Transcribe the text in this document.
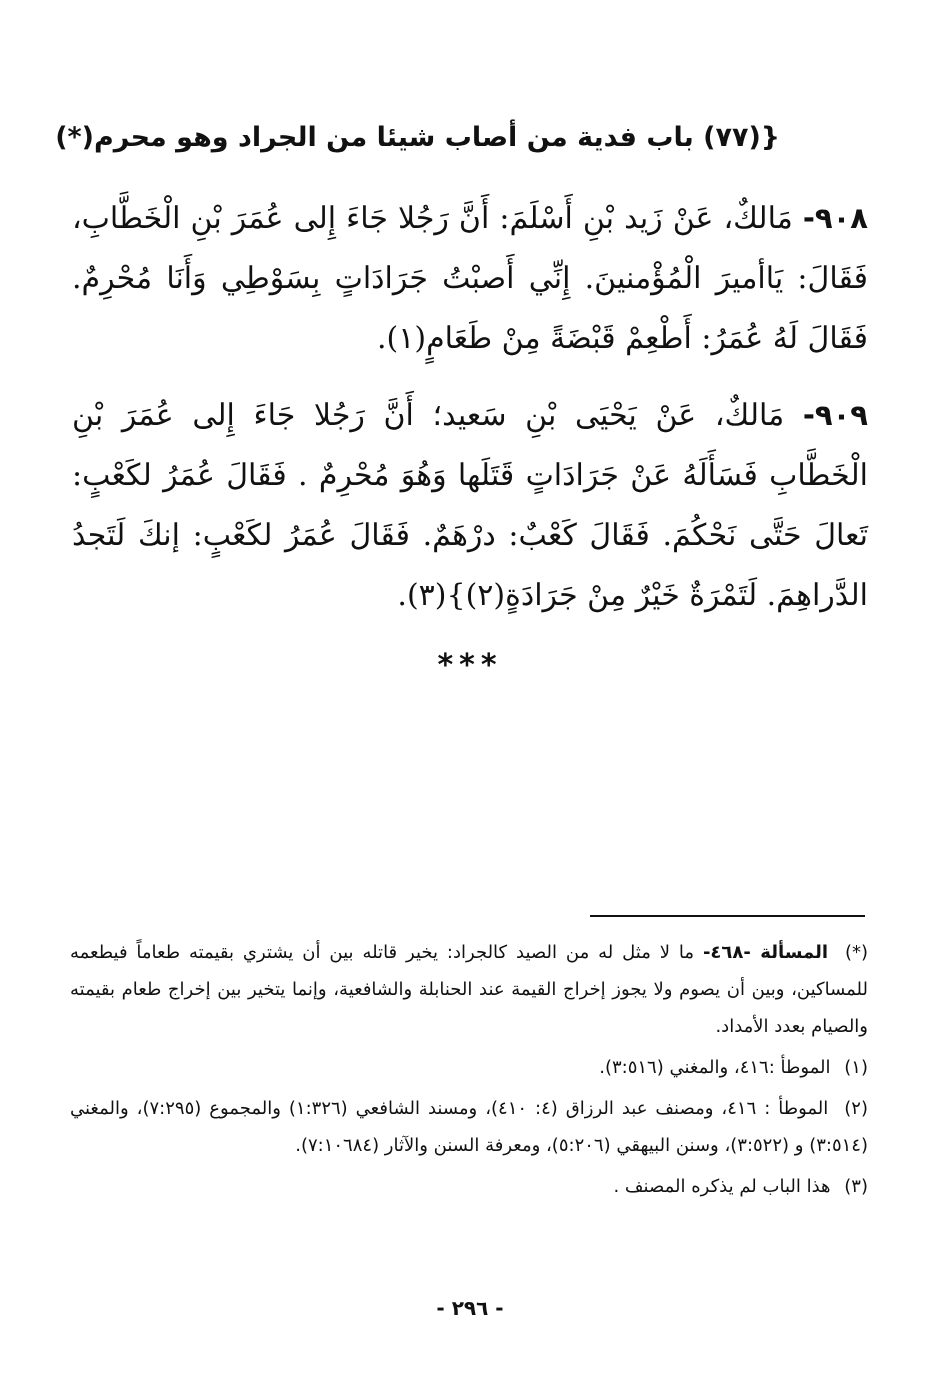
{(٧٧) باب فدية من أصاب شيئا من الجراد وهو محرم(*)

٩٠٨- مَالكٌ، عَنْ زَيد بْنِ أَسْلَمَ: أَنَّ رَجُلا جَاءَ إِلى عُمَرَ بْنِ الْخَطَّابِ، فَقَالَ: يَاأميرَ الْمُؤْمنينَ. إِنِّي أَصبْتُ جَرَادَاتٍ بِسَوْطِي وَأَنَا مُحْرِمٌ. فَقَالَ لَهُ عُمَرُ: أَطْعِمْ قَبْضَةً مِنْ طَعَامٍ(١).

٩٠٩- مَالكٌ، عَنْ يَحْيَى بْنِ سَعيد؛ أَنَّ رَجُلا جَاءَ إِلى عُمَرَ بْنِ الْخَطَّابِ فَسَأَلَهُ عَنْ جَرَادَاتٍ قَتَلَها وَهُوَ مُحْرِمٌ . فَقَالَ عُمَرُ لكَعْبٍ: تَعالَ حَتَّى نَحْكُمَ. فَقَالَ كَعْبٌ: درْهَمٌ. فَقَالَ عُمَرُ لكَعْبٍ: إنكَ لَتَجدُ الدَّراهِمَ. لَتَمْرَةٌ خَيْرٌ مِنْ جَرَادَةٍ(٢)}(٣).

***

(*) المسألة -٤٦٨- ما لا مثل له من الصيد كالجراد: يخير قاتله بين أن يشتري بقيمته طعاماً فيطعمه للمساكين، وبين أن يصوم ولا يجوز إخراج القيمة عند الحنابلة والشافعية، وإنما يتخير بين إخراج طعام بقيمته والصيام بعدد الأمداد.

(١) الموطأ :٤١٦، والمغني (٣:٥١٦).

(٢) الموطأ : ٤١٦، ومصنف عبد الرزاق (٤: ٤١٠)، ومسند الشافعي (١:٣٢٦) والمجموع (٧:٢٩٥)، والمغني (٣:٥١٤) و (٣:٥٢٢)، وسنن البيهقي (٥:٢٠٦)، ومعرفة السنن والآثار (٧:١٠٦٨٤).

(٣) هذا الباب لم يذكره المصنف .

- ٢٩٦ -
